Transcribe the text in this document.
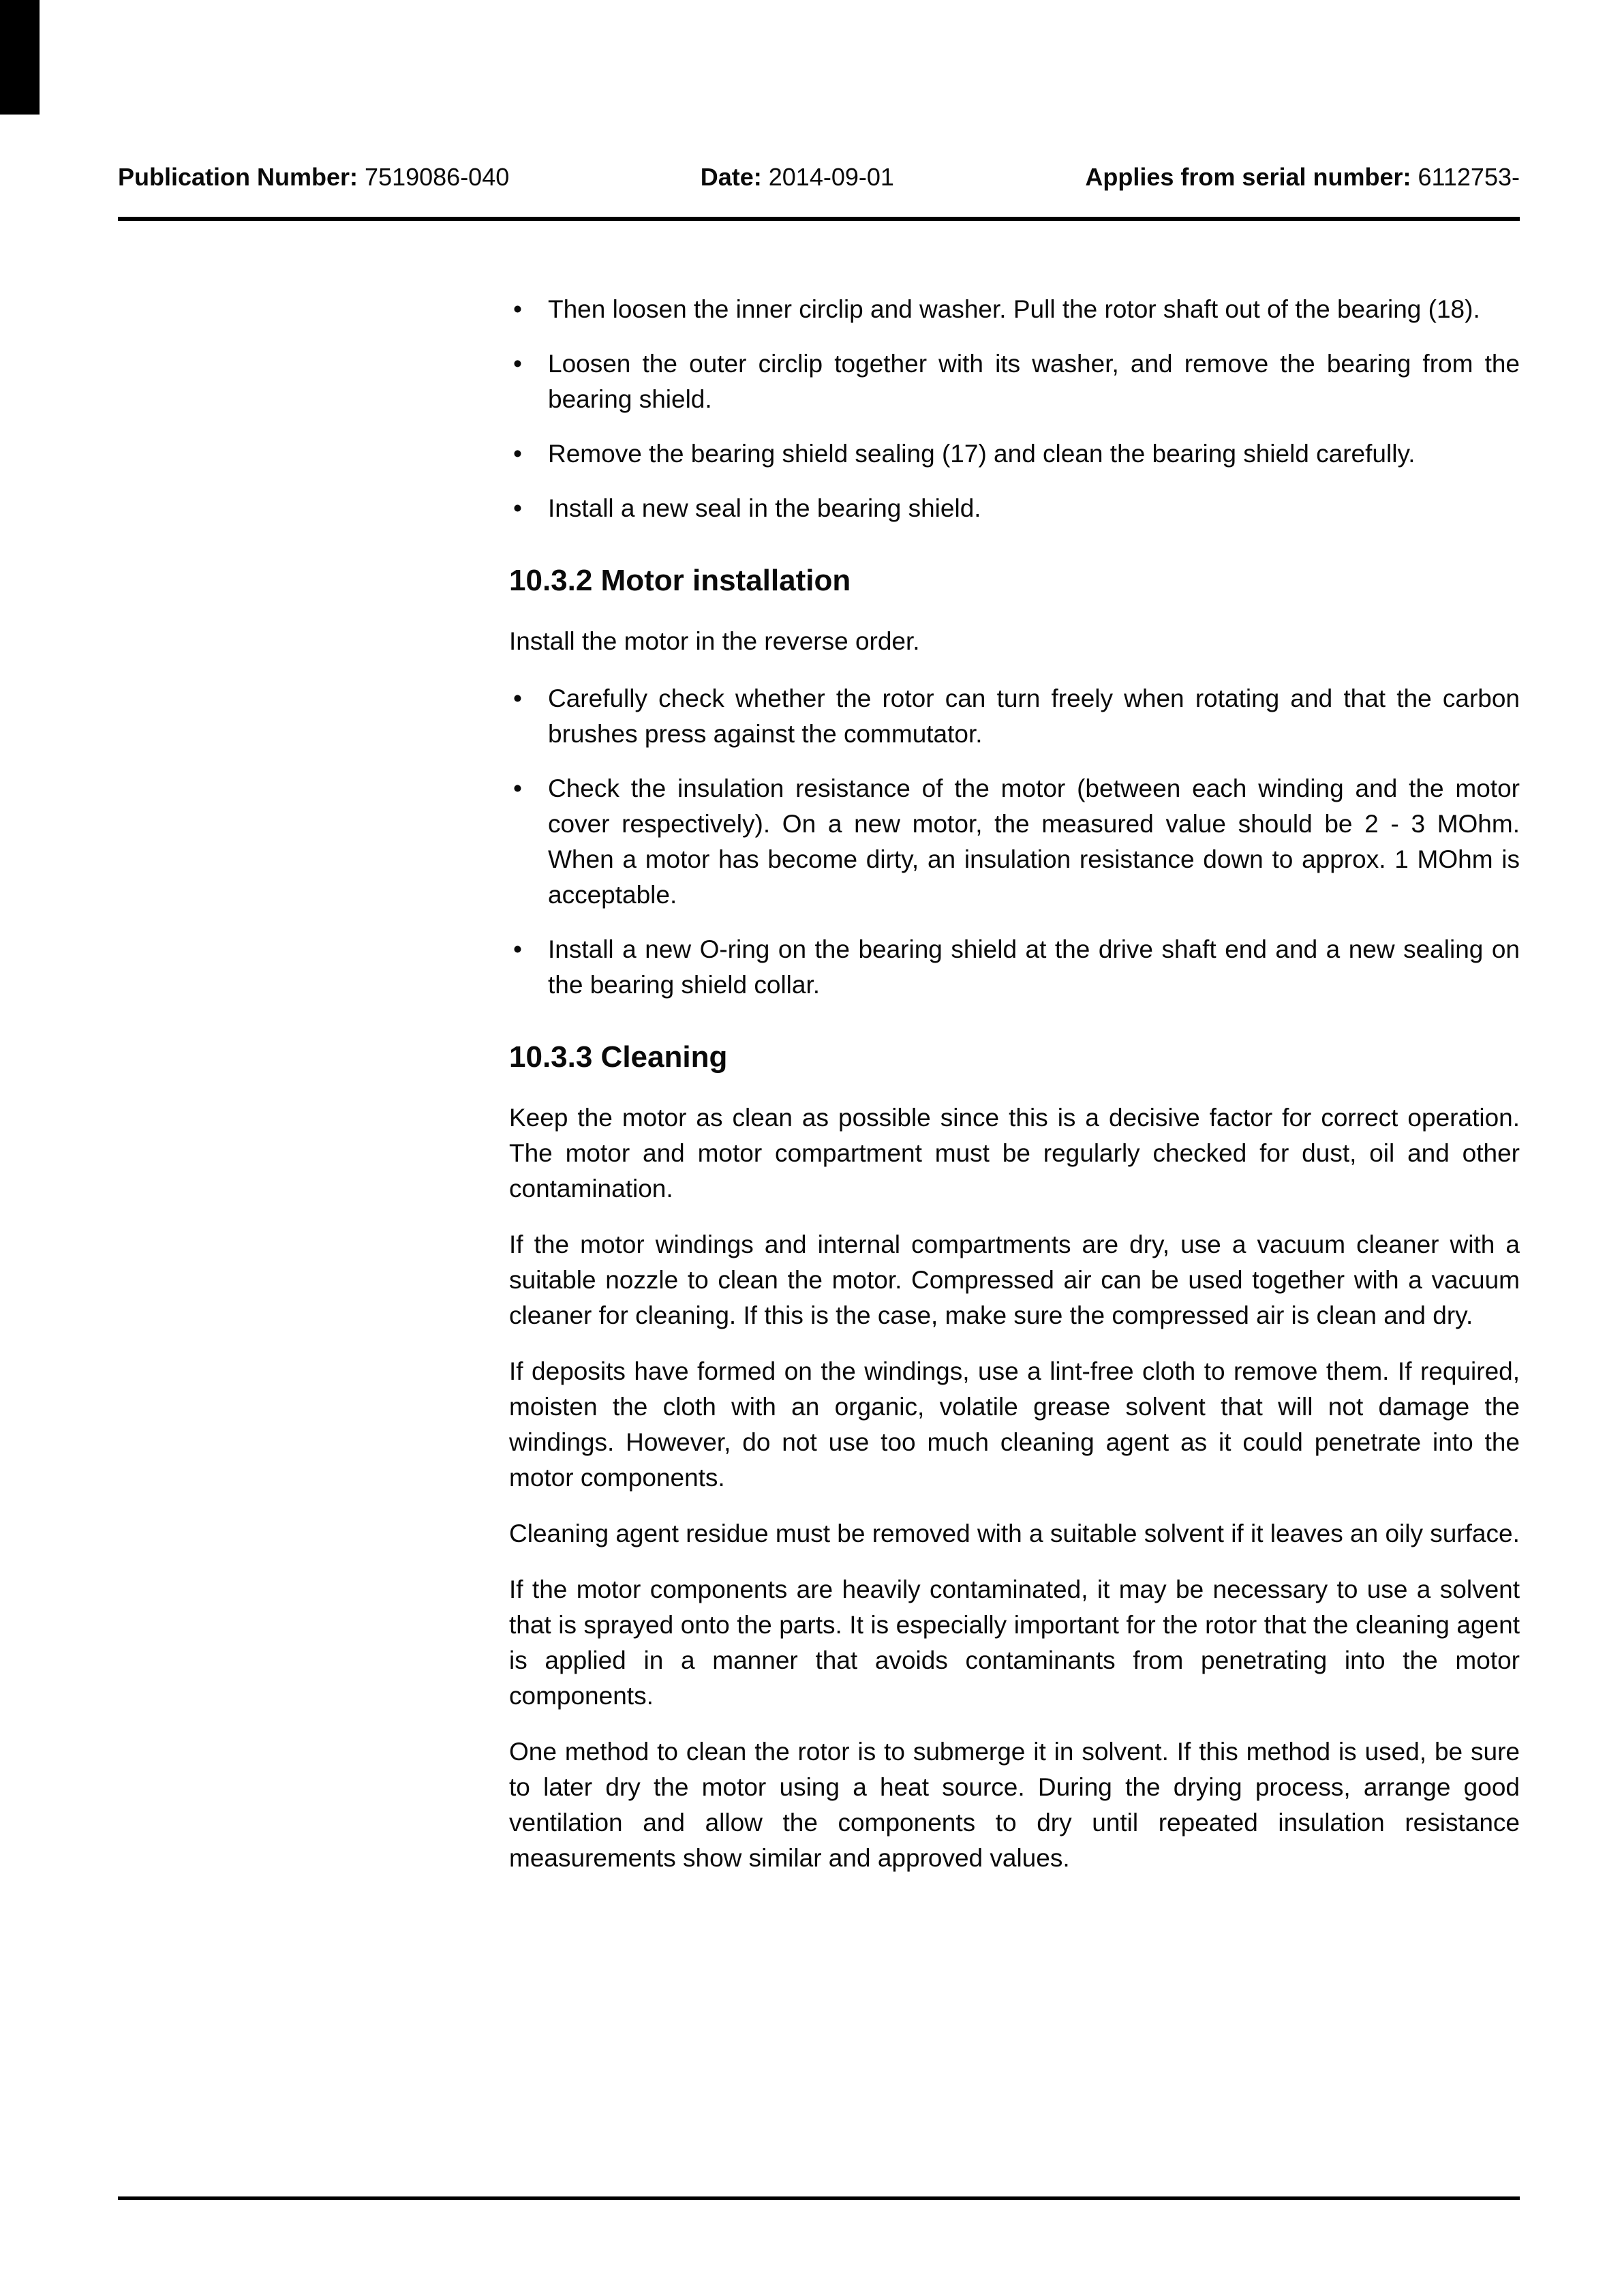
Publication Number: 7519086-040	Date: 2014-09-01	Applies from serial number: 6112753-
• Then loosen the inner circlip and washer. Pull the rotor shaft out of the bearing (18).
• Loosen the outer circlip together with its washer, and remove the bearing from the bearing shield.
• Remove the bearing shield sealing (17) and clean the bearing shield carefully.
• Install a new seal in the bearing shield.
10.3.2 Motor installation

Install the motor in the reverse order.

• Carefully check whether the rotor can turn freely when rotating and that the carbon brushes press against the commutator.
• Check the insulation resistance of the motor (between each winding and the motor cover respectively). On a new motor, the measured value should be 2 - 3 MOhm. When a motor has become dirty, an insulation resistance down to approx. 1 MOhm is acceptable.
• Install a new O-ring on the bearing shield at the drive shaft end and a new sealing on the bearing shield collar.
10.3.3 Cleaning

Keep the motor as clean as possible since this is a decisive factor for correct operation. The motor and motor compartment must be regularly checked for dust, oil and other contamination.

If the motor windings and internal compartments are dry, use a vacuum cleaner with a suitable nozzle to clean the motor. Compressed air can be used together with a vacuum cleaner for cleaning. If this is the case, make sure the compressed air is clean and dry.

If deposits have formed on the windings, use a lint-free cloth to remove them. If required, moisten the cloth with an organic, volatile grease solvent that will not damage the windings. However, do not use too much cleaning agent as it could penetrate into the motor components.

Cleaning agent residue must be removed with a suitable solvent if it leaves an oily surface.

If the motor components are heavily contaminated, it may be necessary to use a solvent that is sprayed onto the parts. It is especially important for the rotor that the cleaning agent is applied in a manner that avoids contaminants from penetrating into the motor components.

One method to clean the rotor is to submerge it in solvent. If this method is used, be sure to later dry the motor using a heat source. During the drying process, arrange good ventilation and allow the components to dry until repeated insulation resistance measurements show similar and approved values.
